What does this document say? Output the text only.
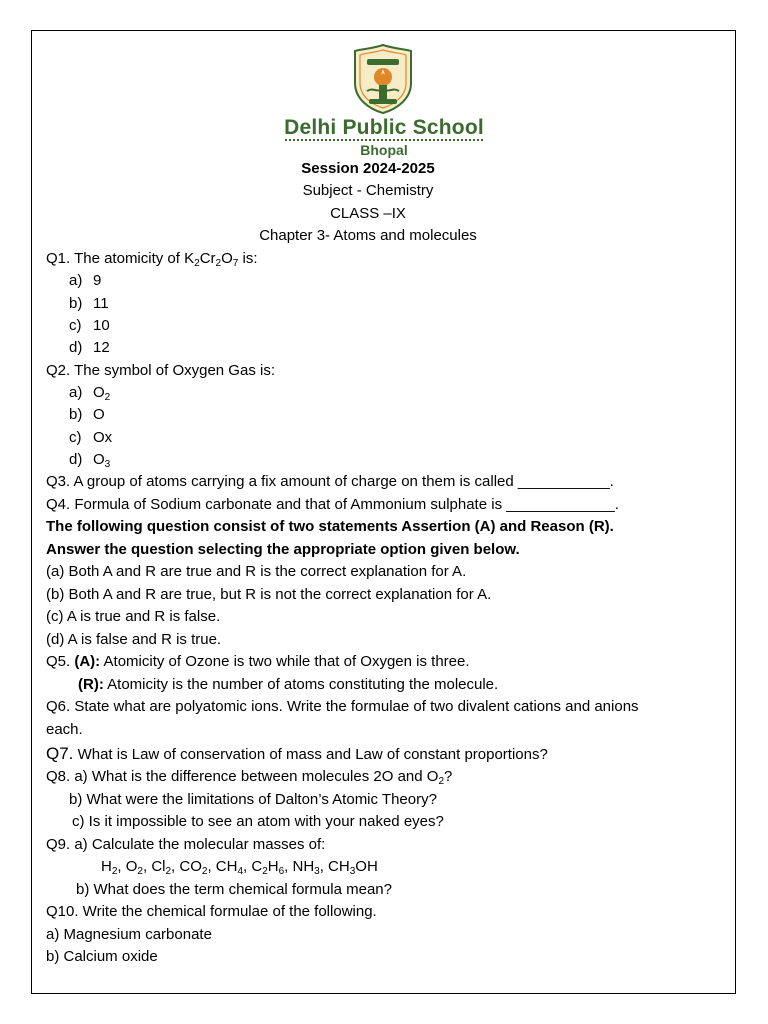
Delhi Public School
Bhopal
Session 2024-2025
Subject - Chemistry
CLASS –IX
Chapter 3- Atoms and molecules
Q1. The atomicity of $K_2Cr_2O_7$ is:
a) 9
b) 11
c) 10
d) 12
Q2. The symbol of Oxygen Gas is:
a) $O_2$
b) O
c) Ox
d) $O_3$
Q3. A group of atoms carrying a fix amount of charge on them is called ___________.
Q4. Formula of Sodium carbonate and that of Ammonium sulphate is _____________.
The following question consist of two statements Assertion (A) and Reason (R).
Answer the question selecting the appropriate option given below.
(a) Both A and R are true and R is the correct explanation for A.
(b) Both A and R are true, but R is not the correct explanation for A.
(c) A is true and R is false.
(d) A is false and R is true.
Q5. (A): Atomicity of Ozone is two while that of Oxygen is three.
(R): Atomicity is the number of atoms constituting the molecule.
Q6. State what are polyatomic ions. Write the formulae of two divalent cations and anions
each.
Q7. What is Law of conservation of mass and Law of constant proportions?
Q8. a) What is the difference between molecules 2O and $O_2$?
b) What were the limitations of Dalton’s Atomic Theory?
c) Is it impossible to see an atom with your naked eyes?
Q9. a) Calculate the molecular masses of:
$H_2$, $O_2$, $Cl_2$, $CO_2$, $CH_4$, $C_2H_6$, $NH_3$, $CH_3OH$
b) What does the term chemical formula mean?
Q10. Write the chemical formulae of the following.
a) Magnesium carbonate
b) Calcium oxide
